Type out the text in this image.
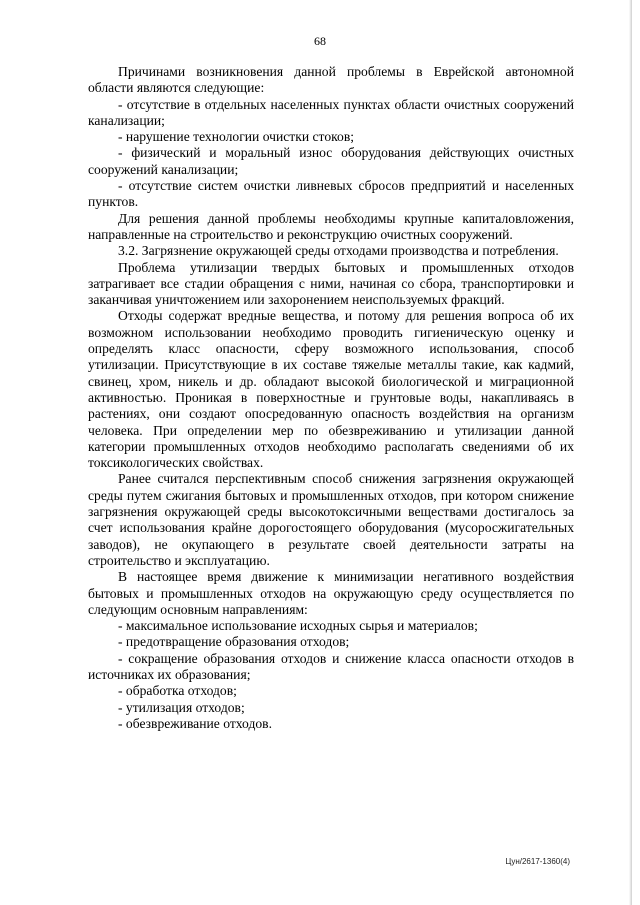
68

Причинами возникновения данной проблемы в Еврейской автономной области являются следующие:

- отсутствие в отдельных населенных пунктах области очистных сооружений канализации;

- нарушение технологии очистки стоков;

- физический и моральный износ оборудования действующих очистных сооружений канализации;

- отсутствие систем очистки ливневых сбросов предприятий и населенных пунктов.

Для решения данной проблемы необходимы крупные капиталовложения, направленные на строительство и реконструкцию очистных сооружений.

3.2. Загрязнение окружающей среды отходами производства и потребления.

Проблема утилизации твердых бытовых и промышленных отходов затрагивает все стадии обращения с ними, начиная со сбора, транспортировки и заканчивая уничтожением или захоронением неиспользуемых фракций.

Отходы содержат вредные вещества, и потому для решения вопроса об их возможном использовании необходимо проводить гигиеническую оценку и определять класс опасности, сферу возможного использования, способ утилизации. Присутствующие в их составе тяжелые металлы такие, как кадмий, свинец, хром, никель и др. обладают высокой биологической и миграционной активностью. Проникая в поверхностные и грунтовые воды, накапливаясь в растениях, они создают опосредованную опасность воздействия на организм человека. При определении мер по обезвреживанию и утилизации данной категории промышленных отходов необходимо располагать сведениями об их токсикологических свойствах.

Ранее считался перспективным способ снижения загрязнения окружающей среды путем сжигания бытовых и промышленных отходов, при котором снижение загрязнения окружающей среды высокотоксичными веществами достигалось за счет использования крайне дорогостоящего оборудования (мусоросжигательных заводов), не окупающего в результате своей деятельности затраты на строительство и эксплуатацию.

В настоящее время движение к минимизации негативного воздействия бытовых и промышленных отходов на окружающую среду осуществляется по следующим основным направлениям:

- максимальное использование исходных сырья и материалов;

- предотвращение образования отходов;

- сокращение образования отходов и снижение класса опасности отходов в источниках их образования;

- обработка отходов;

- утилизация отходов;

- обезвреживание отходов.

Цун/2617-1360(4)
